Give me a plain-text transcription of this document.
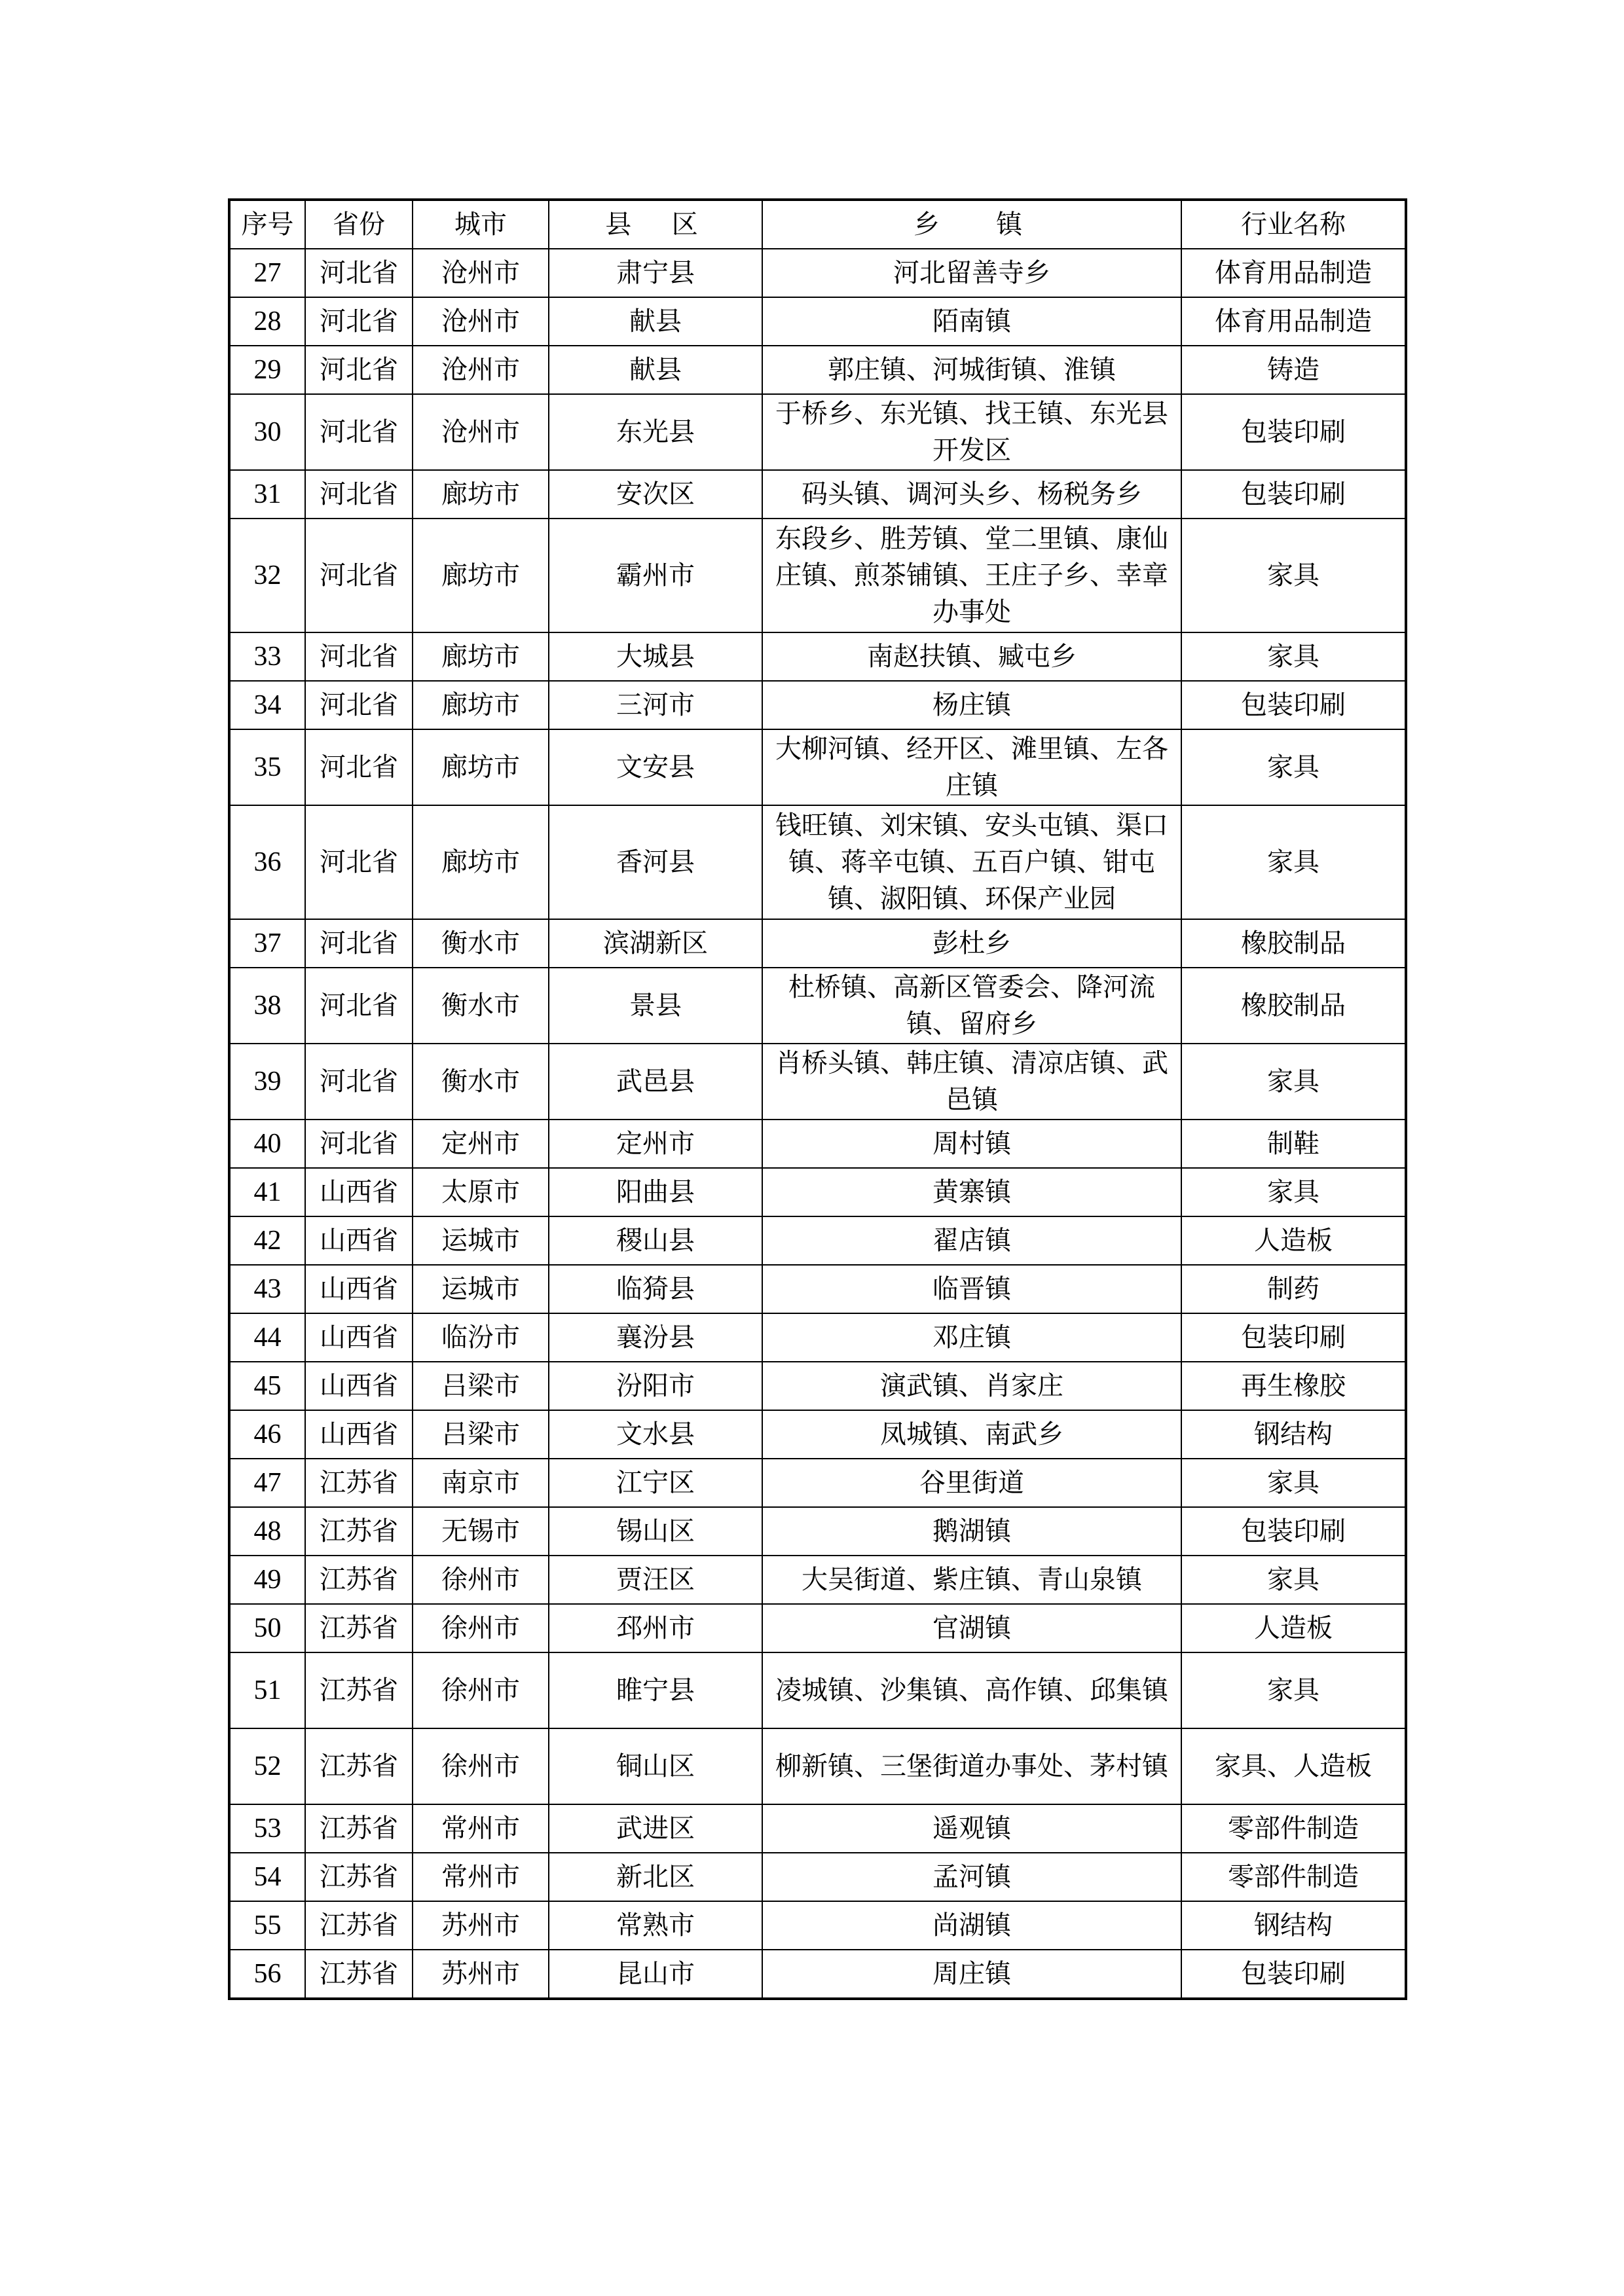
序号	省份	城市	县  区	乡   镇	行业名称
27	河北省	沧州市	肃宁县	河北留善寺乡	体育用品制造
28	河北省	沧州市	献县	陌南镇	体育用品制造
29	河北省	沧州市	献县	郭庄镇、河城街镇、淮镇	铸造
30	河北省	沧州市	东光县	于桥乡、东光镇、找王镇、东光县开发区	包装印刷
31	河北省	廊坊市	安次区	码头镇、调河头乡、杨税务乡	包装印刷
32	河北省	廊坊市	霸州市	东段乡、胜芳镇、堂二里镇、康仙庄镇、煎茶铺镇、王庄子乡、幸章办事处	家具
33	河北省	廊坊市	大城县	南赵扶镇、臧屯乡	家具
34	河北省	廊坊市	三河市	杨庄镇	包装印刷
35	河北省	廊坊市	文安县	大柳河镇、经开区、滩里镇、左各庄镇	家具
36	河北省	廊坊市	香河县	钱旺镇、刘宋镇、安头屯镇、渠口镇、蒋辛屯镇、五百户镇、钳屯镇、淑阳镇、环保产业园	家具
37	河北省	衡水市	滨湖新区	彭杜乡	橡胶制品
38	河北省	衡水市	景县	杜桥镇、高新区管委会、降河流镇、留府乡	橡胶制品
39	河北省	衡水市	武邑县	肖桥头镇、韩庄镇、清凉店镇、武邑镇	家具
40	河北省	定州市	定州市	周村镇	制鞋
41	山西省	太原市	阳曲县	黄寨镇	家具
42	山西省	运城市	稷山县	翟店镇	人造板
43	山西省	运城市	临猗县	临晋镇	制药
44	山西省	临汾市	襄汾县	邓庄镇	包装印刷
45	山西省	吕梁市	汾阳市	演武镇、肖家庄	再生橡胶
46	山西省	吕梁市	文水县	凤城镇、南武乡	钢结构
47	江苏省	南京市	江宁区	谷里街道	家具
48	江苏省	无锡市	锡山区	鹅湖镇	包装印刷
49	江苏省	徐州市	贾汪区	大吴街道、紫庄镇、青山泉镇	家具
50	江苏省	徐州市	邳州市	官湖镇	人造板
51	江苏省	徐州市	睢宁县	凌城镇、沙集镇、高作镇、邱集镇	家具
52	江苏省	徐州市	铜山区	柳新镇、三堡街道办事处、茅村镇	家具、人造板
53	江苏省	常州市	武进区	遥观镇	零部件制造
54	江苏省	常州市	新北区	孟河镇	零部件制造
55	江苏省	苏州市	常熟市	尚湖镇	钢结构
56	江苏省	苏州市	昆山市	周庄镇	包装印刷
